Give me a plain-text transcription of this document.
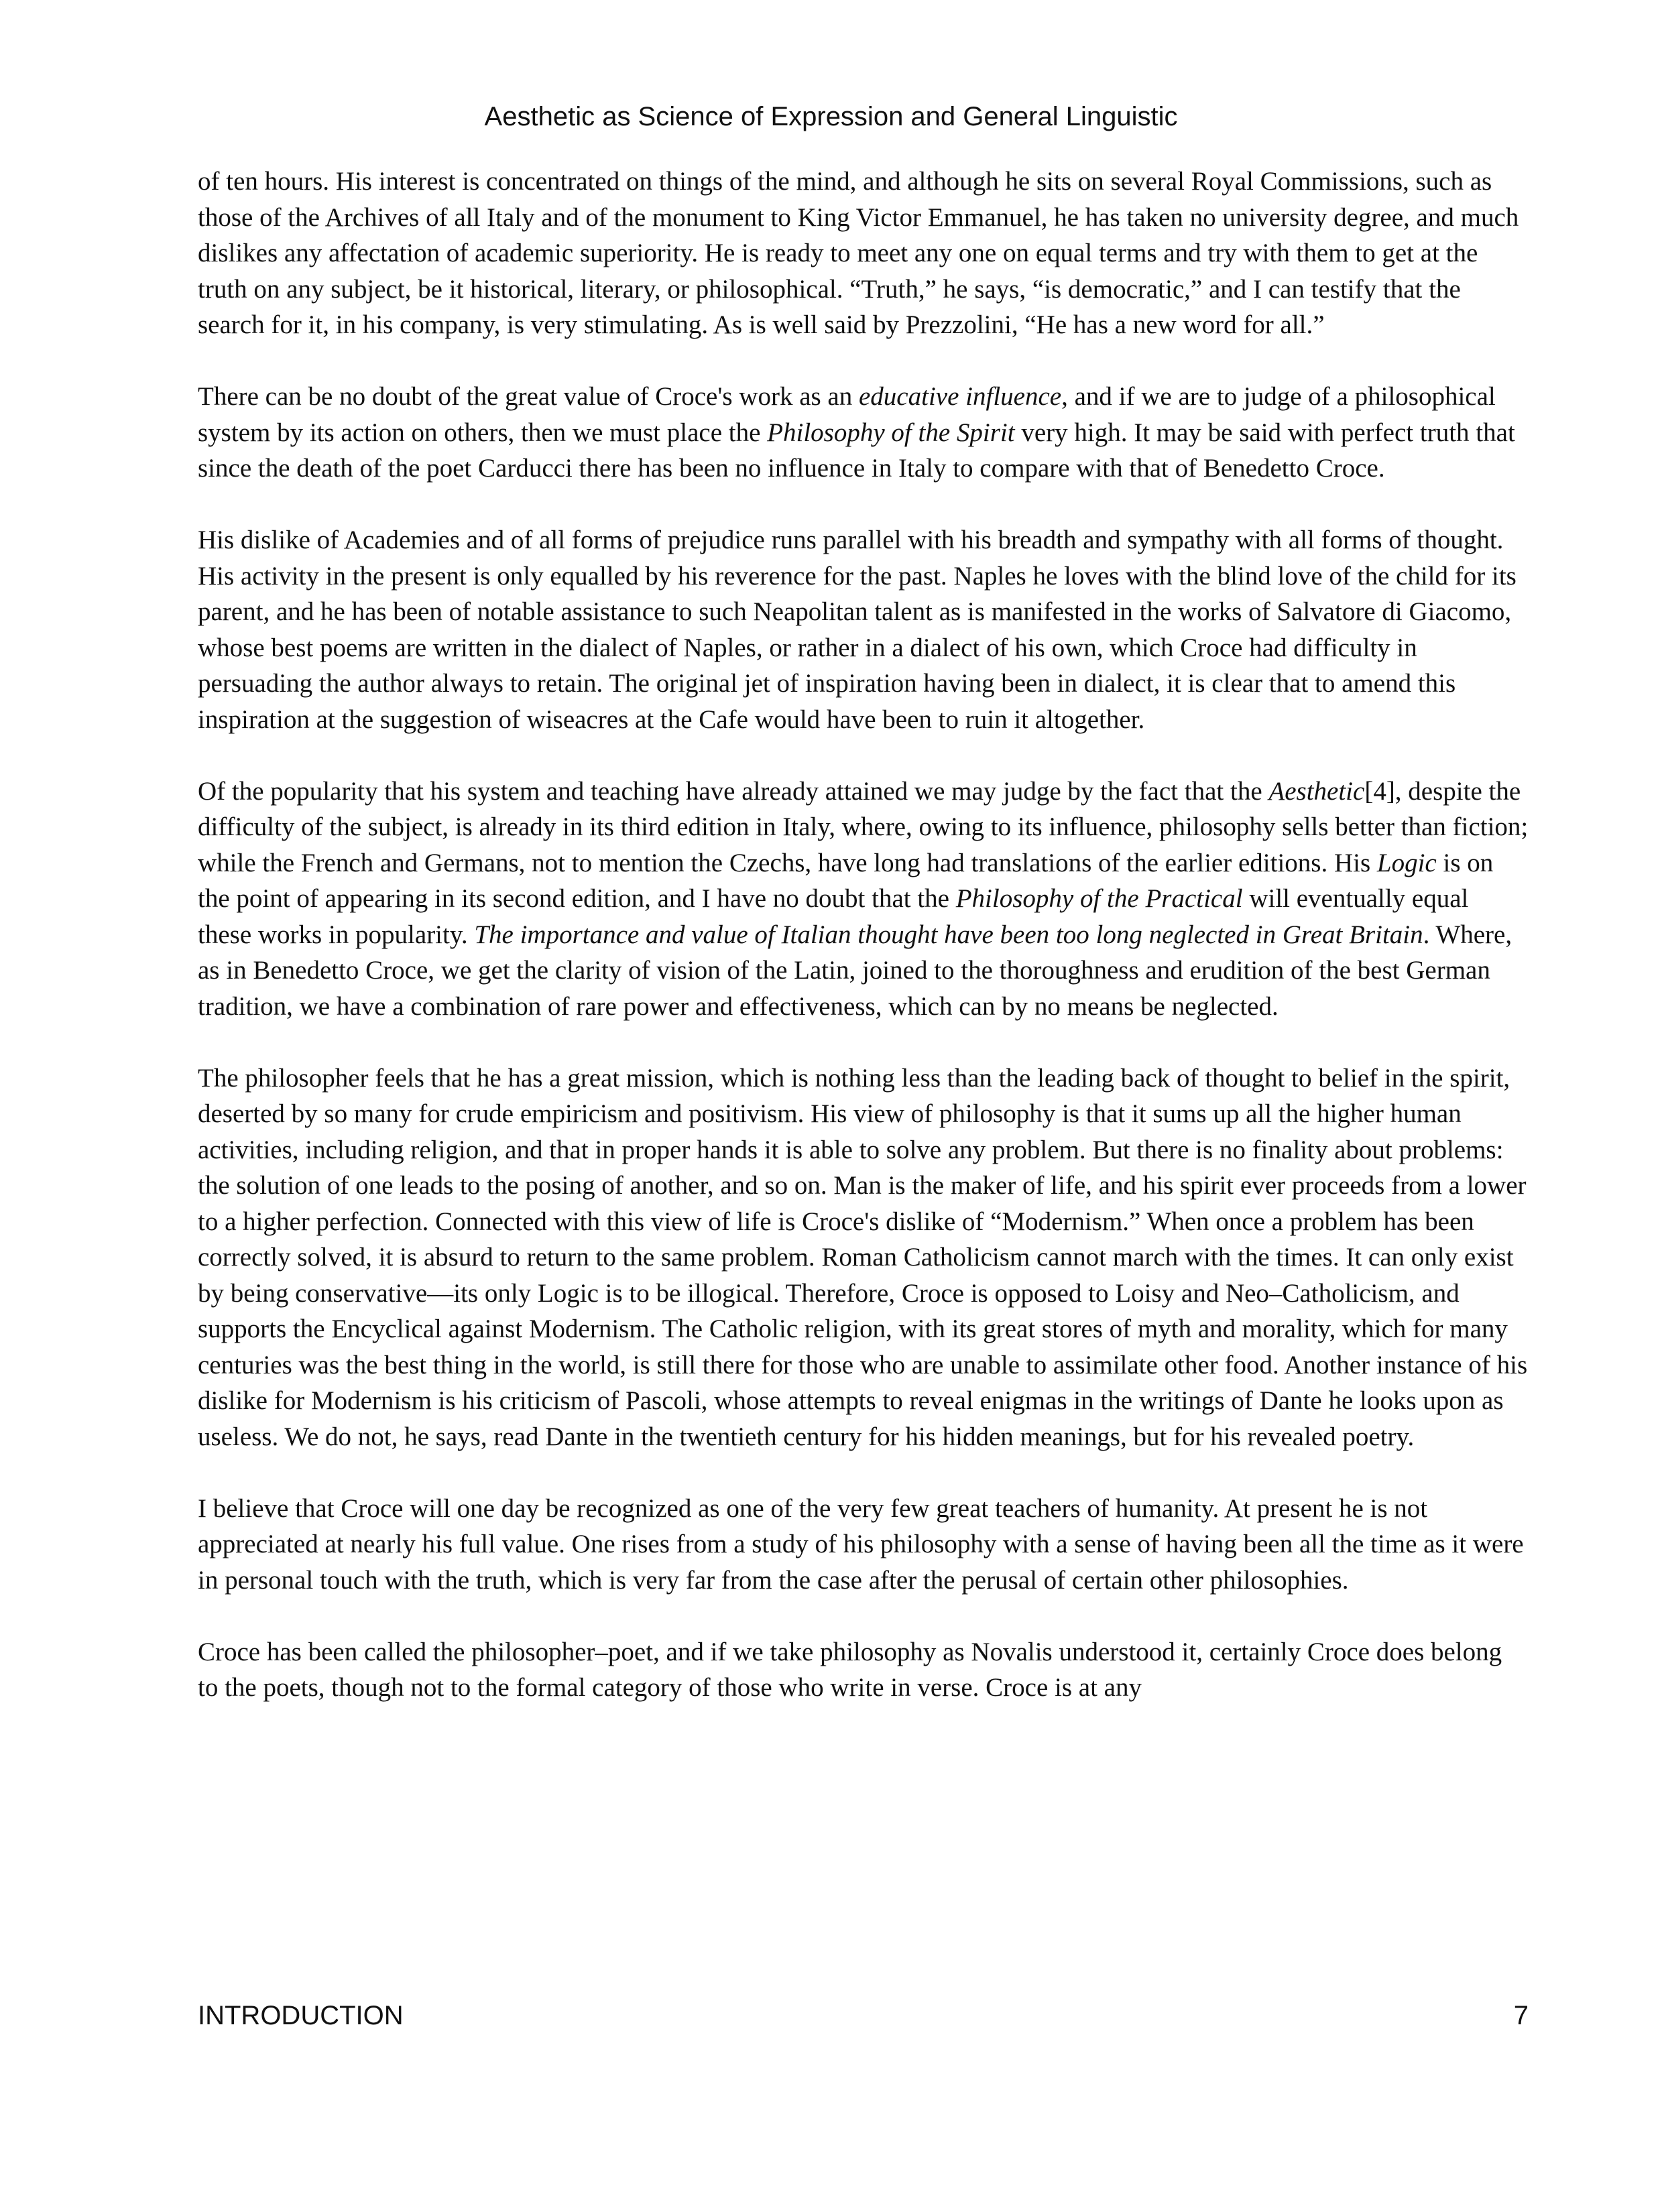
Aesthetic as Science of Expression and General Linguistic

of ten hours. His interest is concentrated on things of the mind, and although he sits on several Royal Commissions, such as those of the Archives of all Italy and of the monument to King Victor Emmanuel, he has taken no university degree, and much dislikes any affectation of academic superiority. He is ready to meet any one on equal terms and try with them to get at the truth on any subject, be it historical, literary, or philosophical. “Truth,” he says, “is democratic,” and I can testify that the search for it, in his company, is very stimulating. As is well said by Prezzolini, “He has a new word for all.”

There can be no doubt of the great value of Croce's work as an educative influence, and if we are to judge of a philosophical system by its action on others, then we must place the Philosophy of the Spirit very high. It may be said with perfect truth that since the death of the poet Carducci there has been no influence in Italy to compare with that of Benedetto Croce.

His dislike of Academies and of all forms of prejudice runs parallel with his breadth and sympathy with all forms of thought. His activity in the present is only equalled by his reverence for the past. Naples he loves with the blind love of the child for its parent, and he has been of notable assistance to such Neapolitan talent as is manifested in the works of Salvatore di Giacomo, whose best poems are written in the dialect of Naples, or rather in a dialect of his own, which Croce had difficulty in persuading the author always to retain. The original jet of inspiration having been in dialect, it is clear that to amend this inspiration at the suggestion of wiseacres at the Cafe would have been to ruin it altogether.

Of the popularity that his system and teaching have already attained we may judge by the fact that the Aesthetic[4], despite the difficulty of the subject, is already in its third edition in Italy, where, owing to its influence, philosophy sells better than fiction; while the French and Germans, not to mention the Czechs, have long had translations of the earlier editions. His Logic is on the point of appearing in its second edition, and I have no doubt that the Philosophy of the Practical will eventually equal these works in popularity. The importance and value of Italian thought have been too long neglected in Great Britain. Where, as in Benedetto Croce, we get the clarity of vision of the Latin, joined to the thoroughness and erudition of the best German tradition, we have a combination of rare power and effectiveness, which can by no means be neglected.

The philosopher feels that he has a great mission, which is nothing less than the leading back of thought to belief in the spirit, deserted by so many for crude empiricism and positivism. His view of philosophy is that it sums up all the higher human activities, including religion, and that in proper hands it is able to solve any problem. But there is no finality about problems: the solution of one leads to the posing of another, and so on. Man is the maker of life, and his spirit ever proceeds from a lower to a higher perfection. Connected with this view of life is Croce's dislike of “Modernism.” When once a problem has been correctly solved, it is absurd to return to the same problem. Roman Catholicism cannot march with the times. It can only exist by being conservative—its only Logic is to be illogical. Therefore, Croce is opposed to Loisy and Neo–Catholicism, and supports the Encyclical against Modernism. The Catholic religion, with its great stores of myth and morality, which for many centuries was the best thing in the world, is still there for those who are unable to assimilate other food. Another instance of his dislike for Modernism is his criticism of Pascoli, whose attempts to reveal enigmas in the writings of Dante he looks upon as useless. We do not, he says, read Dante in the twentieth century for his hidden meanings, but for his revealed poetry.

I believe that Croce will one day be recognized as one of the very few great teachers of humanity. At present he is not appreciated at nearly his full value. One rises from a study of his philosophy with a sense of having been all the time as it were in personal touch with the truth, which is very far from the case after the perusal of certain other philosophies.

Croce has been called the philosopher–poet, and if we take philosophy as Novalis understood it, certainly Croce does belong to the poets, though not to the formal category of those who write in verse. Croce is at any

INTRODUCTION	7
